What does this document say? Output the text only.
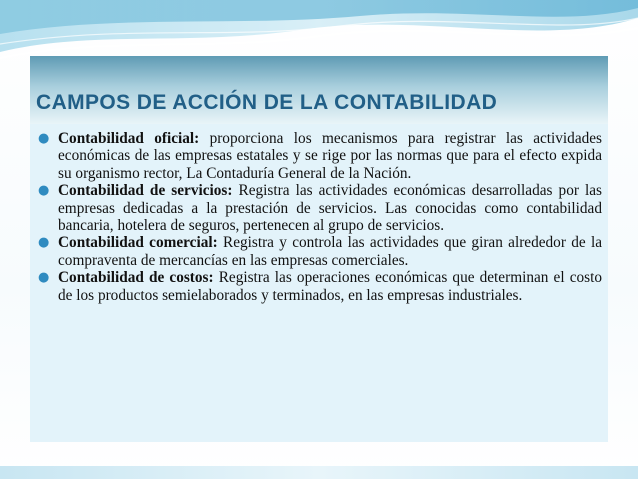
CAMPOS DE ACCIÓN DE LA CONTABILIDAD
● Contabilidad oficial: proporciona los mecanismos para registrar las actividades económicas de las empresas estatales y se rige por las normas que para el efecto expida su organismo rector, La Contaduría General de la Nación.
● Contabilidad de servicios: Registra las actividades económicas desarrolladas por las empresas dedicadas a la prestación de servicios. Las conocidas como contabilidad bancaria, hotelera de seguros, pertenecen al grupo de servicios.
● Contabilidad comercial: Registra y controla las actividades que giran alrededor de la compraventa de mercancías en las empresas comerciales.
● Contabilidad de costos: Registra las operaciones económicas que determinan el costo de los productos semielaborados y terminados, en las empresas industriales.
